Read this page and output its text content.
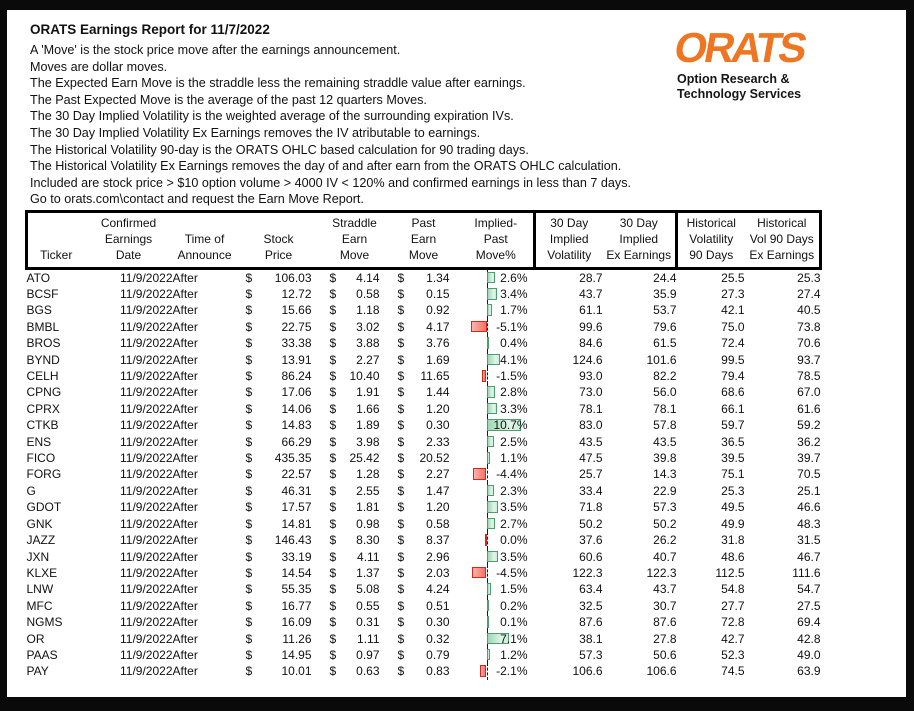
ORATS Earnings Report for 11/7/2022
A 'Move' is the stock price move after the earnings announcement.
Moves are dollar moves.
The Expected Earn Move is the straddle less the remaining straddle value after earnings.
The Past Expected Move is the average of the past 12 quarters Moves.
The 30 Day Implied Volatility is the weighted average of the surrounding expiration IVs.
The 30 Day Implied Volatility Ex Earnings removes the IV atributable to earnings.
The Historical Volatility 90-day is the ORATS OHLC based calculation for 90 trading days.
The Historical Volatility Ex Earnings removes the day of and after earn from the ORATS OHLC calculation.
Included are stock price > $10 option volume > 4000 IV < 120% and confirmed earnings in less than 7 days.
Go to orats.com\contact and request the Earn Move Report.
ORATS
Option Research &
Technology Services

Ticker

Confirmed
Earnings
Date

Time of
Announce

Stock
Price

Straddle
Earn
Move

Past
Earn
Move

Implied-
Past
Move%

30 Day
Implied
Volatility

30 Day
Implied
Ex Earnings

Historical
Volatility
90 Days

Historical
Vol 90 Days
Ex Earnings

ATO	11/9/2022	After	$ 106.03	$ 4.14	$ 1.34	2.6%	28.7	24.4	25.5	25.3
BCSF	11/9/2022	After	$ 12.72	$ 0.58	$ 0.15	3.4%	43.7	35.9	27.3	27.4
BGS	11/9/2022	After	$ 15.66	$ 1.18	$ 0.92	1.7%	61.1	53.7	42.1	40.5
BMBL	11/9/2022	After	$ 22.75	$ 3.02	$ 4.17	-5.1%	99.6	79.6	75.0	73.8
BROS	11/9/2022	After	$ 33.38	$ 3.88	$ 3.76	0.4%	84.6	61.5	72.4	70.6
BYND	11/9/2022	After	$ 13.91	$ 2.27	$ 1.69	4.1%	124.6	101.6	99.5	93.7
CELH	11/9/2022	After	$ 86.24	$ 10.40	$ 11.65	-1.5%	93.0	82.2	79.4	78.5
CPNG	11/9/2022	After	$ 17.06	$ 1.91	$ 1.44	2.8%	73.0	56.0	68.6	67.0
CPRX	11/9/2022	After	$ 14.06	$ 1.66	$ 1.20	3.3%	78.1	78.1	66.1	61.6
CTKB	11/9/2022	After	$ 14.83	$ 1.89	$ 0.30	10.7%	83.0	57.8	59.7	59.2
ENS	11/9/2022	After	$ 66.29	$ 3.98	$ 2.33	2.5%	43.5	43.5	36.5	36.2
FICO	11/9/2022	After	$ 435.35	$ 25.42	$ 20.52	1.1%	47.5	39.8	39.5	39.7
FORG	11/9/2022	After	$ 22.57	$ 1.28	$ 2.27	-4.4%	25.7	14.3	75.1	70.5
G	11/9/2022	After	$ 46.31	$ 2.55	$ 1.47	2.3%	33.4	22.9	25.3	25.1
GDOT	11/9/2022	After	$ 17.57	$ 1.81	$ 1.20	3.5%	71.8	57.3	49.5	46.6
GNK	11/9/2022	After	$ 14.81	$ 0.98	$ 0.58	2.7%	50.2	50.2	49.9	48.3
JAZZ	11/9/2022	After	$ 146.43	$ 8.30	$ 8.37	0.0%	37.6	26.2	31.8	31.5
JXN	11/9/2022	After	$ 33.19	$ 4.11	$ 2.96	3.5%	60.6	40.7	48.6	46.7
KLXE	11/9/2022	After	$ 14.54	$ 1.37	$ 2.03	-4.5%	122.3	122.3	112.5	111.6
LNW	11/9/2022	After	$ 55.35	$ 5.08	$ 4.24	1.5%	63.4	43.7	54.8	54.7
MFC	11/9/2022	After	$ 16.77	$ 0.55	$ 0.51	0.2%	32.5	30.7	27.7	27.5
NGMS	11/9/2022	After	$ 16.09	$ 0.31	$ 0.30	0.1%	87.6	87.6	72.8	69.4
OR	11/9/2022	After	$ 11.26	$ 1.11	$ 0.32	7.1%	38.1	27.8	42.7	42.8
PAAS	11/9/2022	After	$ 14.95	$ 0.97	$ 0.79	1.2%	57.3	50.6	52.3	49.0
PAY	11/9/2022	After	$ 10.01	$ 0.63	$ 0.83	-2.1%	106.6	106.6	74.5	63.9
